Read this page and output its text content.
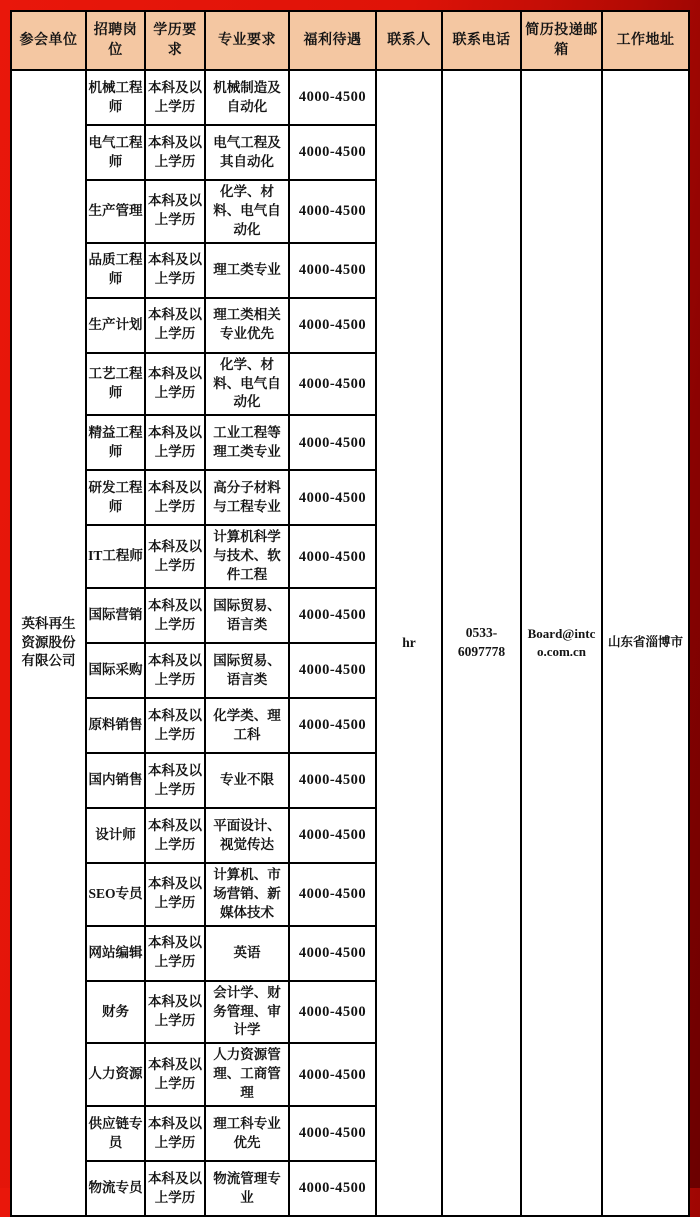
参会单位	招聘岗位	学历要求	专业要求	福利待遇	联系人	联系电话	简历投递邮箱	工作地址
英科再生资源股份有限公司	机械工程师	本科及以上学历	机械制造及自动化	4000-4500	hr	0533-6097778	Board@intco.com.cn	山东省淄博市
	电气工程师	本科及以上学历	电气工程及其自动化	4000-4500				
	生产管理	本科及以上学历	化学、材料、电气自动化	4000-4500				
	品质工程师	本科及以上学历	理工类专业	4000-4500				
	生产计划	本科及以上学历	理工类相关专业优先	4000-4500				
	工艺工程师	本科及以上学历	化学、材料、电气自动化	4000-4500				
	精益工程师	本科及以上学历	工业工程等理工类专业	4000-4500				
	研发工程师	本科及以上学历	高分子材料与工程专业	4000-4500				
	IT工程师	本科及以上学历	计算机科学与技术、软件工程	4000-4500				
	国际营销	本科及以上学历	国际贸易、语言类	4000-4500				
	国际采购	本科及以上学历	国际贸易、语言类	4000-4500				
	原料销售	本科及以上学历	化学类、理工科	4000-4500				
	国内销售	本科及以上学历	专业不限	4000-4500				
	设计师	本科及以上学历	平面设计、视觉传达	4000-4500				
	SEO专员	本科及以上学历	计算机、市场营销、新媒体技术	4000-4500				
	网站编辑	本科及以上学历	英语	4000-4500				
	财务	本科及以上学历	会计学、财务管理、审计学	4000-4500				
	人力资源	本科及以上学历	人力资源管理、工商管理	4000-4500				
	供应链专员	本科及以上学历	理工科专业优先	4000-4500				
	物流专员	本科及以上学历	物流管理专业	4000-4500				
